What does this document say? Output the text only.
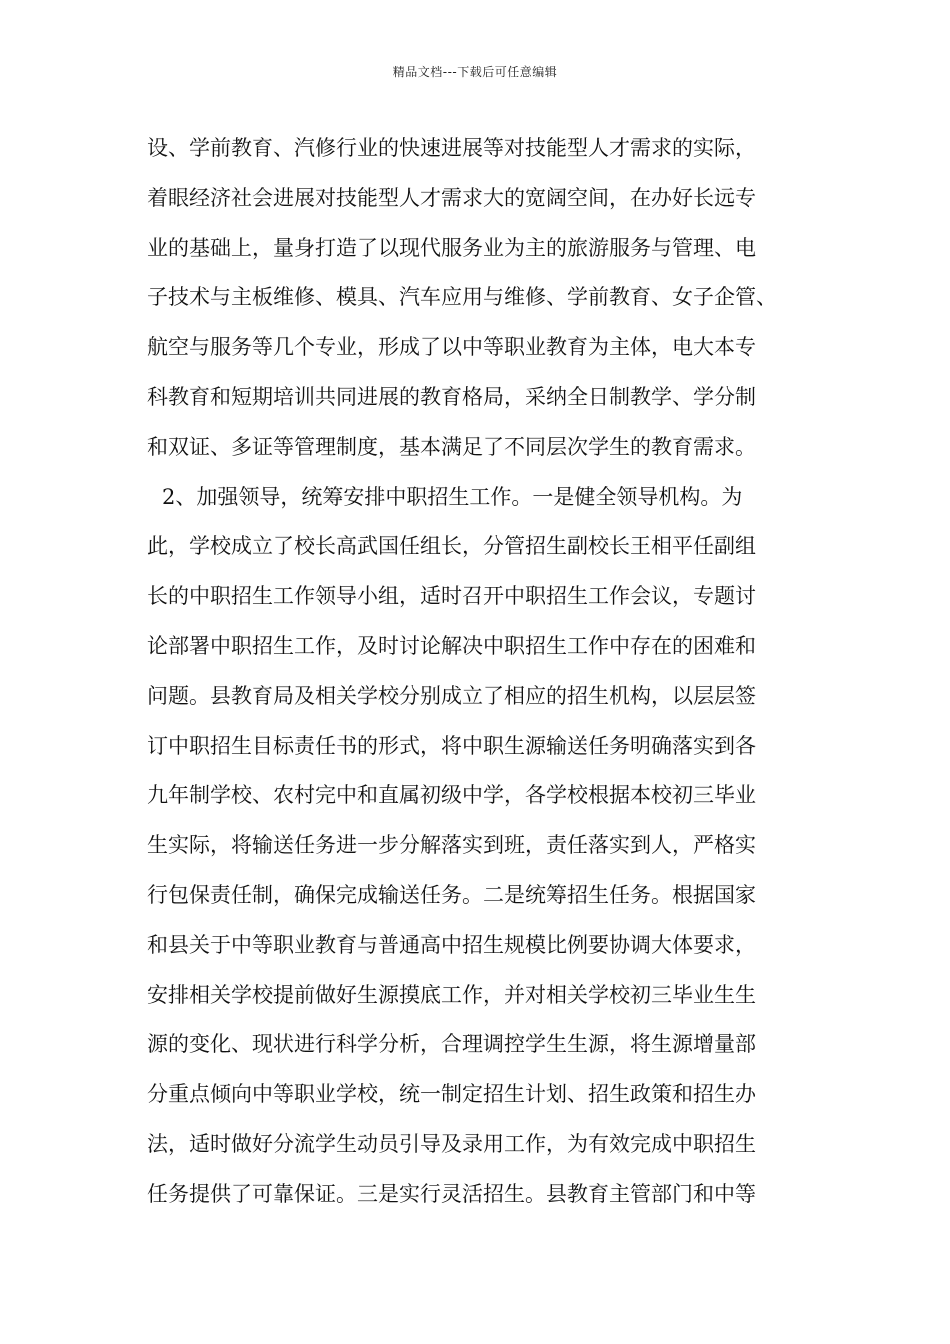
精品文档---下载后可任意编辑
设、学前教育、汽修行业的快速进展等对技能型人才需求的实际，
着眼经济社会进展对技能型人才需求大的宽阔空间，在办好长远专
业的基础上，量身打造了以现代服务业为主的旅游服务与管理、电
子技术与主板维修、模具、汽车应用与维修、学前教育、女子企管、
航空与服务等几个专业，形成了以中等职业教育为主体，电大本专
科教育和短期培训共同进展的教育格局，采纳全日制教学、学分制
和双证、多证等管理制度，基本满足了不同层次学生的教育需求。
2、加强领导，统筹安排中职招生工作。一是健全领导机构。为
此，学校成立了校长高武国任组长，分管招生副校长王相平任副组
长的中职招生工作领导小组，适时召开中职招生工作会议，专题讨
论部署中职招生工作，及时讨论解决中职招生工作中存在的困难和
问题。县教育局及相关学校分别成立了相应的招生机构，以层层签
订中职招生目标责任书的形式，将中职生源输送任务明确落实到各
九年制学校、农村完中和直属初级中学，各学校根据本校初三毕业
生实际，将输送任务进一步分解落实到班，责任落实到人，严格实
行包保责任制，确保完成输送任务。二是统筹招生任务。根据国家
和县关于中等职业教育与普通高中招生规模比例要协调大体要求，
安排相关学校提前做好生源摸底工作，并对相关学校初三毕业生生
源的变化、现状进行科学分析，合理调控学生生源，将生源增量部
分重点倾向中等职业学校，统一制定招生计划、招生政策和招生办
法，适时做好分流学生动员引导及录用工作，为有效完成中职招生
任务提供了可靠保证。三是实行灵活招生。县教育主管部门和中等
